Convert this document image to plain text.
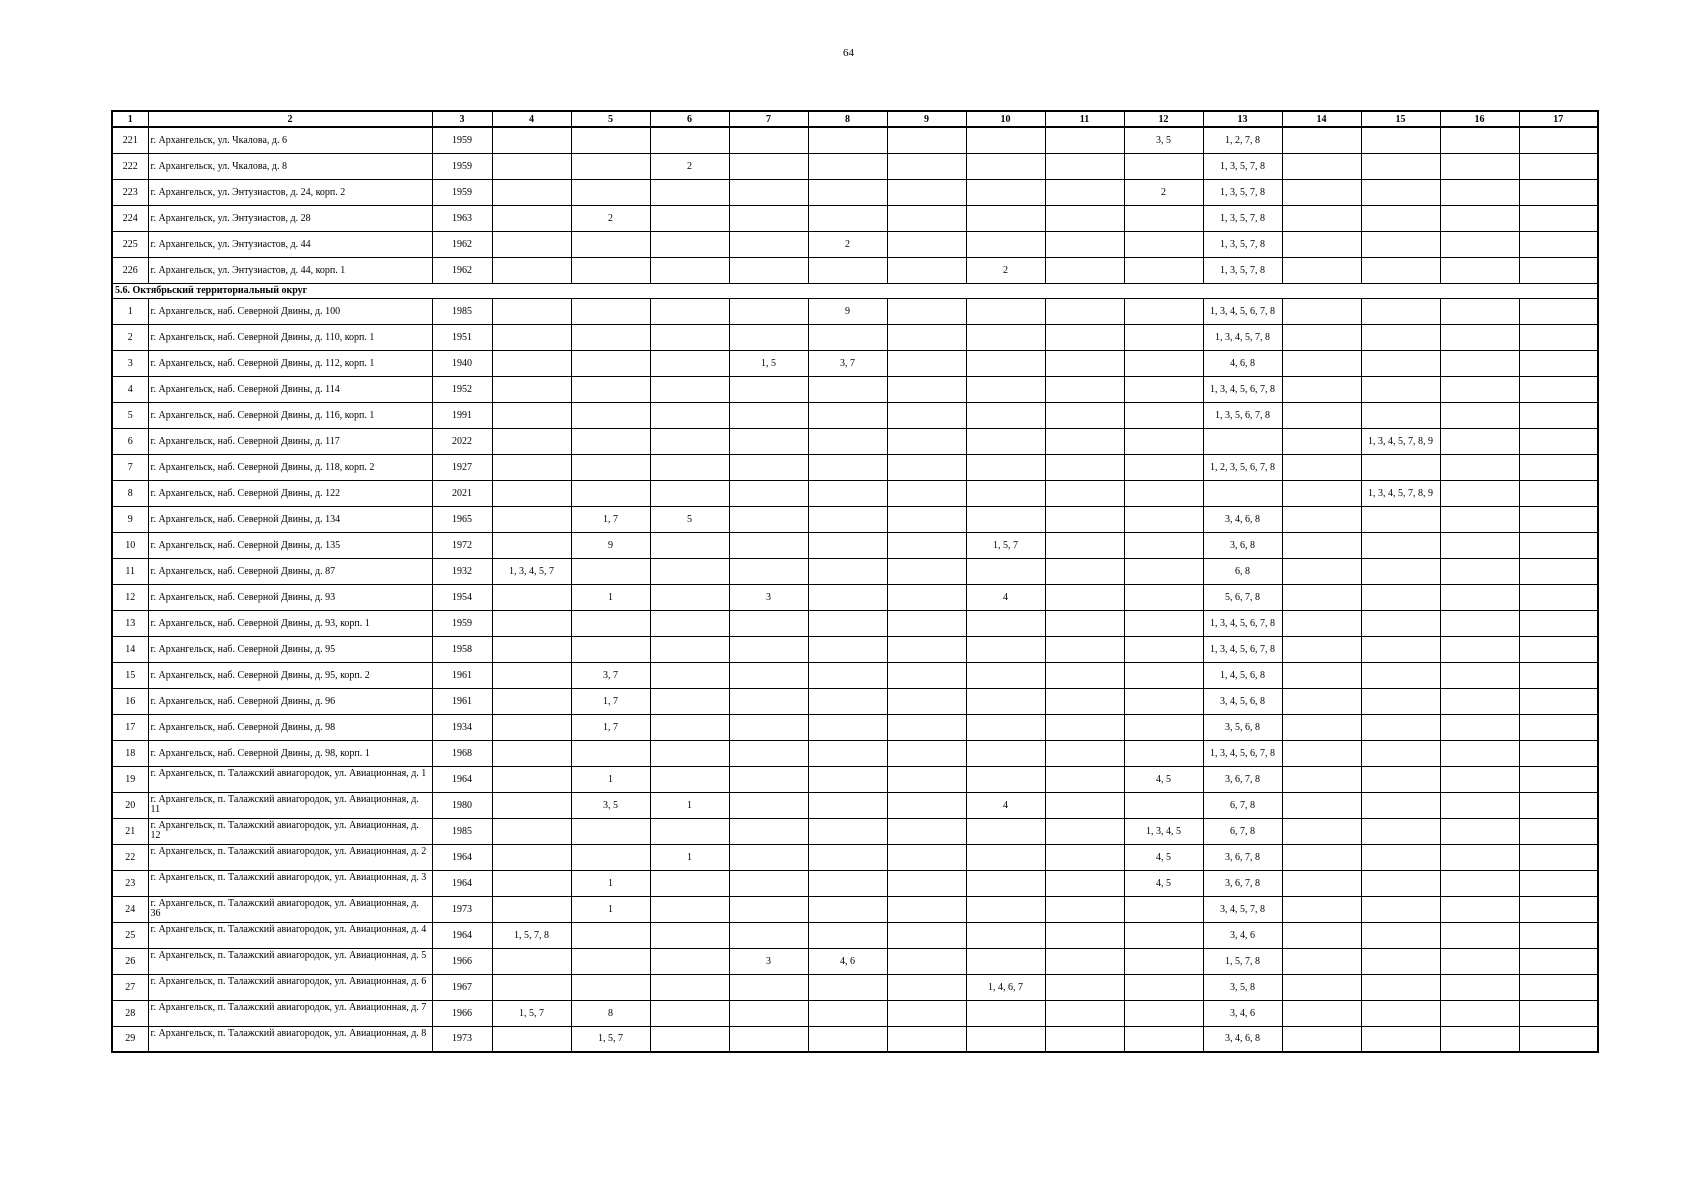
64
1	2	3	4	5	6	7	8	9	10	11	12	13	14	15	16	17
221	г. Архангельск, ул. Чкалова, д. 6	1959									3, 5	1, 2, 7, 8				
222	г. Архангельск, ул. Чкалова, д. 8	1959			2							1, 3, 5, 7, 8				
223	г. Архангельск, ул. Энтузиастов, д. 24, корп. 2	1959									2	1, 3, 5, 7, 8				
224	г. Архангельск, ул. Энтузиастов, д. 28	1963		2								1, 3, 5, 7, 8				
225	г. Архангельск, ул. Энтузиастов, д. 44	1962					2					1, 3, 5, 7, 8				
226	г. Архангельск, ул. Энтузиастов, д. 44, корп. 1	1962							2			1, 3, 5, 7, 8				
5.6. Октябрьский территориальный округ																
1	г. Архангельск, наб. Северной Двины, д. 100	1985					9					1, 3, 4, 5, 6, 7, 8				
2	г. Архангельск, наб. Северной Двины, д. 110, корп. 1	1951										1, 3, 4, 5, 7, 8				
3	г. Архангельск, наб. Северной Двины, д. 112, корп. 1	1940				1, 5	3, 7					4, 6, 8				
4	г. Архангельск, наб. Северной Двины, д. 114	1952										1, 3, 4, 5, 6, 7, 8				
5	г. Архангельск, наб. Северной Двины, д. 116, корп. 1	1991										1, 3, 5, 6, 7, 8				
6	г. Архангельск, наб. Северной Двины, д. 117	2022												1, 3, 4, 5, 7, 8, 9		
7	г. Архангельск, наб. Северной Двины, д. 118, корп. 2	1927										1, 2, 3, 5, 6, 7, 8				
8	г. Архангельск, наб. Северной Двины, д. 122	2021												1, 3, 4, 5, 7, 8, 9		
9	г. Архангельск, наб. Северной Двины, д. 134	1965		1, 7	5							3, 4, 6, 8				
10	г. Архангельск, наб. Северной Двины, д. 135	1972		9					1, 5, 7			3, 6, 8				
11	г. Архангельск, наб. Северной Двины, д. 87	1932	1, 3, 4, 5, 7									6, 8				
12	г. Архангельск, наб. Северной Двины, д. 93	1954		1		3			4			5, 6, 7, 8				
13	г. Архангельск, наб. Северной Двины, д. 93, корп. 1	1959										1, 3, 4, 5, 6, 7, 8				
14	г. Архангельск, наб. Северной Двины, д. 95	1958										1, 3, 4, 5, 6, 7, 8				
15	г. Архангельск, наб. Северной Двины, д. 95, корп. 2	1961		3, 7								1, 4, 5, 6, 8				
16	г. Архангельск, наб. Северной Двины, д. 96	1961		1, 7								3, 4, 5, 6, 8				
17	г. Архангельск, наб. Северной Двины, д. 98	1934		1, 7								3, 5, 6, 8				
18	г. Архангельск, наб. Северной Двины, д. 98, корп. 1	1968										1, 3, 4, 5, 6, 7, 8				
19	г. Архангельск, п. Талажский авиагородок, ул. Авиационная, д. 1	1964		1							4, 5	3, 6, 7, 8				
20	г. Архангельск, п. Талажский авиагородок, ул. Авиационная, д. 11	1980		3, 5	1				4			6, 7, 8				
21	г. Архангельск, п. Талажский авиагородок, ул. Авиационная, д. 12	1985									1, 3, 4, 5	6, 7, 8				
22	г. Архангельск, п. Талажский авиагородок, ул. Авиационная, д. 2	1964			1						4, 5	3, 6, 7, 8				
23	г. Архангельск, п. Талажский авиагородок, ул. Авиационная, д. 3	1964		1							4, 5	3, 6, 7, 8				
24	г. Архангельск, п. Талажский авиагородок, ул. Авиационная, д. 36	1973		1								3, 4, 5, 7, 8				
25	г. Архангельск, п. Талажский авиагородок, ул. Авиационная, д. 4	1964	1, 5, 7, 8									3, 4, 6				
26	г. Архангельск, п. Талажский авиагородок, ул. Авиационная, д. 5	1966				3	4, 6					1, 5, 7, 8				
27	г. Архангельск, п. Талажский авиагородок, ул. Авиационная, д. 6	1967							1, 4, 6, 7			3, 5, 8				
28	г. Архангельск, п. Талажский авиагородок, ул. Авиационная, д. 7	1966	1, 5, 7	8								3, 4, 6				
29	г. Архангельск, п. Талажский авиагородок, ул. Авиационная, д. 8	1973		1, 5, 7								3, 4, 6, 8				
